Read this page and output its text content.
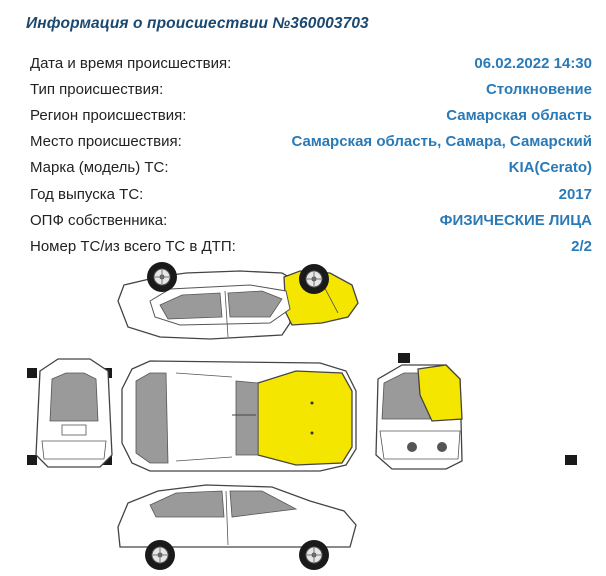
Информация о происшествии №360003703
Дата и время происшествия:	06.02.2022 14:30
Тип происшествия:	Столкновение
Регион происшествия:	Самарская область
Место происшествия:	Самарская область, Самара, Самарский
Марка (модель) ТС:	KIA(Cerato)
Год выпуска ТС:	2017
ОПФ собственника:	ФИЗИЧЕСКИЕ ЛИЦА
Номер ТС/из всего ТС в ДТП:	2/2
